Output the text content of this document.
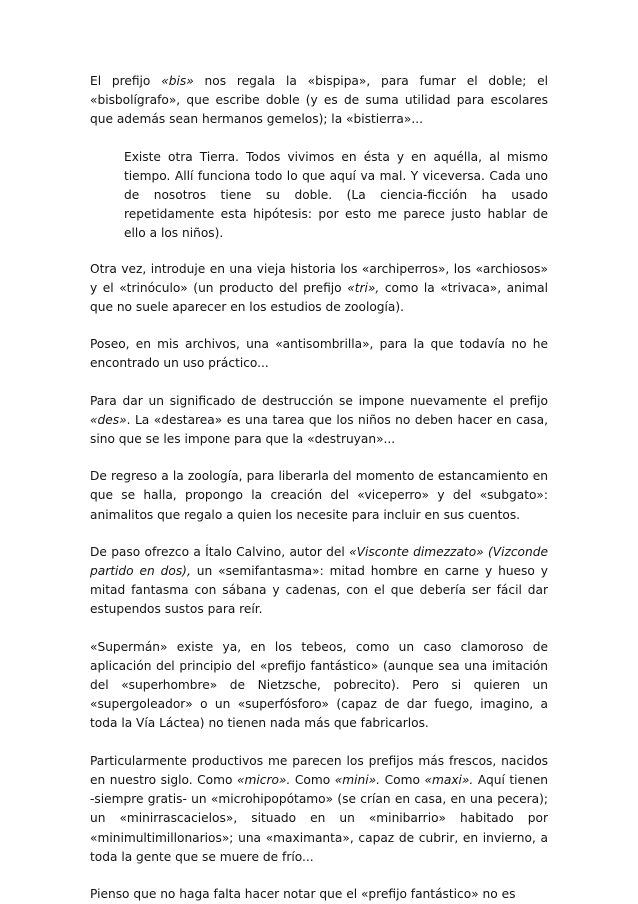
El prefijo «bis» nos regala la «bispipa», para fumar el doble; el «bisbolígrafo», que escribe doble (y es de suma utilidad para escolares que además sean hermanos gemelos); la «bistierra»...

Existe otra Tierra. Todos vivimos en ésta y en aquélla, al mismo tiempo. Allí funciona todo lo que aquí va mal. Y viceversa. Cada uno de nosotros tiene su doble. (La ciencia-ficción ha usado repetidamente esta hipótesis: por esto me parece justo hablar de ello a los niños).

Otra vez, introduje en una vieja historia los «archiperros», los «archiosos» y el «trinóculo» (un producto del prefijo «tri», como la «trivaca», animal que no suele aparecer en los estudios de zoología).

Poseo, en mis archivos, una «antisombrilla», para la que todavía no he encontrado un uso práctico...

Para dar un significado de destrucción se impone nuevamente el prefijo «des». La «destarea» es una tarea que los niños no deben hacer en casa, sino que se les impone para que la «destruyan»...

De regreso a la zoología, para liberarla del momento de estancamiento en que se halla, propongo la creación del «viceperro» y del «subgato»: animalitos que regalo a quien los necesite para incluir en sus cuentos.

De paso ofrezco a Ítalo Calvino, autor del «Visconte dimezzato» (Vizconde partido en dos), un «semifantasma»: mitad hombre en carne y hueso y mitad fantasma con sábana y cadenas, con el que debería ser fácil dar estupendos sustos para reír.

«Supermán» existe ya, en los tebeos, como un caso clamoroso de aplicación del principio del «prefijo fantástico» (aunque sea una imitación del «superhombre» de Nietzsche, pobrecito). Pero si quieren un «supergoleador» o un «superfósforo» (capaz de dar fuego, imagino, a toda la Vía Láctea) no tienen nada más que fabricarlos.

Particularmente productivos me parecen los prefijos más frescos, nacidos en nuestro siglo. Como «micro». Como «mini». Como «maxi». Aquí tienen -siempre gratis- un «microhipopótamo» (se crían en casa, en una pecera); un «minirrascacielos», situado en un «minibarrio» habitado por «minimultimillonarios»; una «maximanta», capaz de cubrir, en invierno, a toda la gente que se muere de frío...

Pienso que no haga falta hacer notar que el «prefijo fantástico» no es
